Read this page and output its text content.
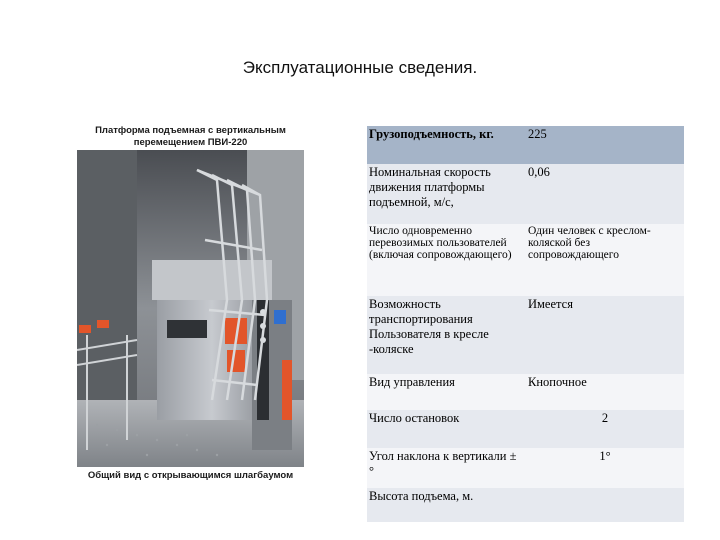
Эксплуатационные сведения.
Платформа подъемная с вертикальным перемещением ПВИ-220
Общий вид с открывающимся шлагбаумом
Грузоподъемность, кг.	225
Номинальная скорость движения платформы подъемной, м/с,	0,06
Число одновременно перевозимых пользователей (включая сопровождающего)	Один человек с креслом-коляской без сопровождающего
Возможность транспортирования Пользователя в кресле -коляске	Имеется
Вид управления	Кнопочное
Число остановок	2
Угол наклона к вертикали ± °	1°
Высота подъема, м.	
